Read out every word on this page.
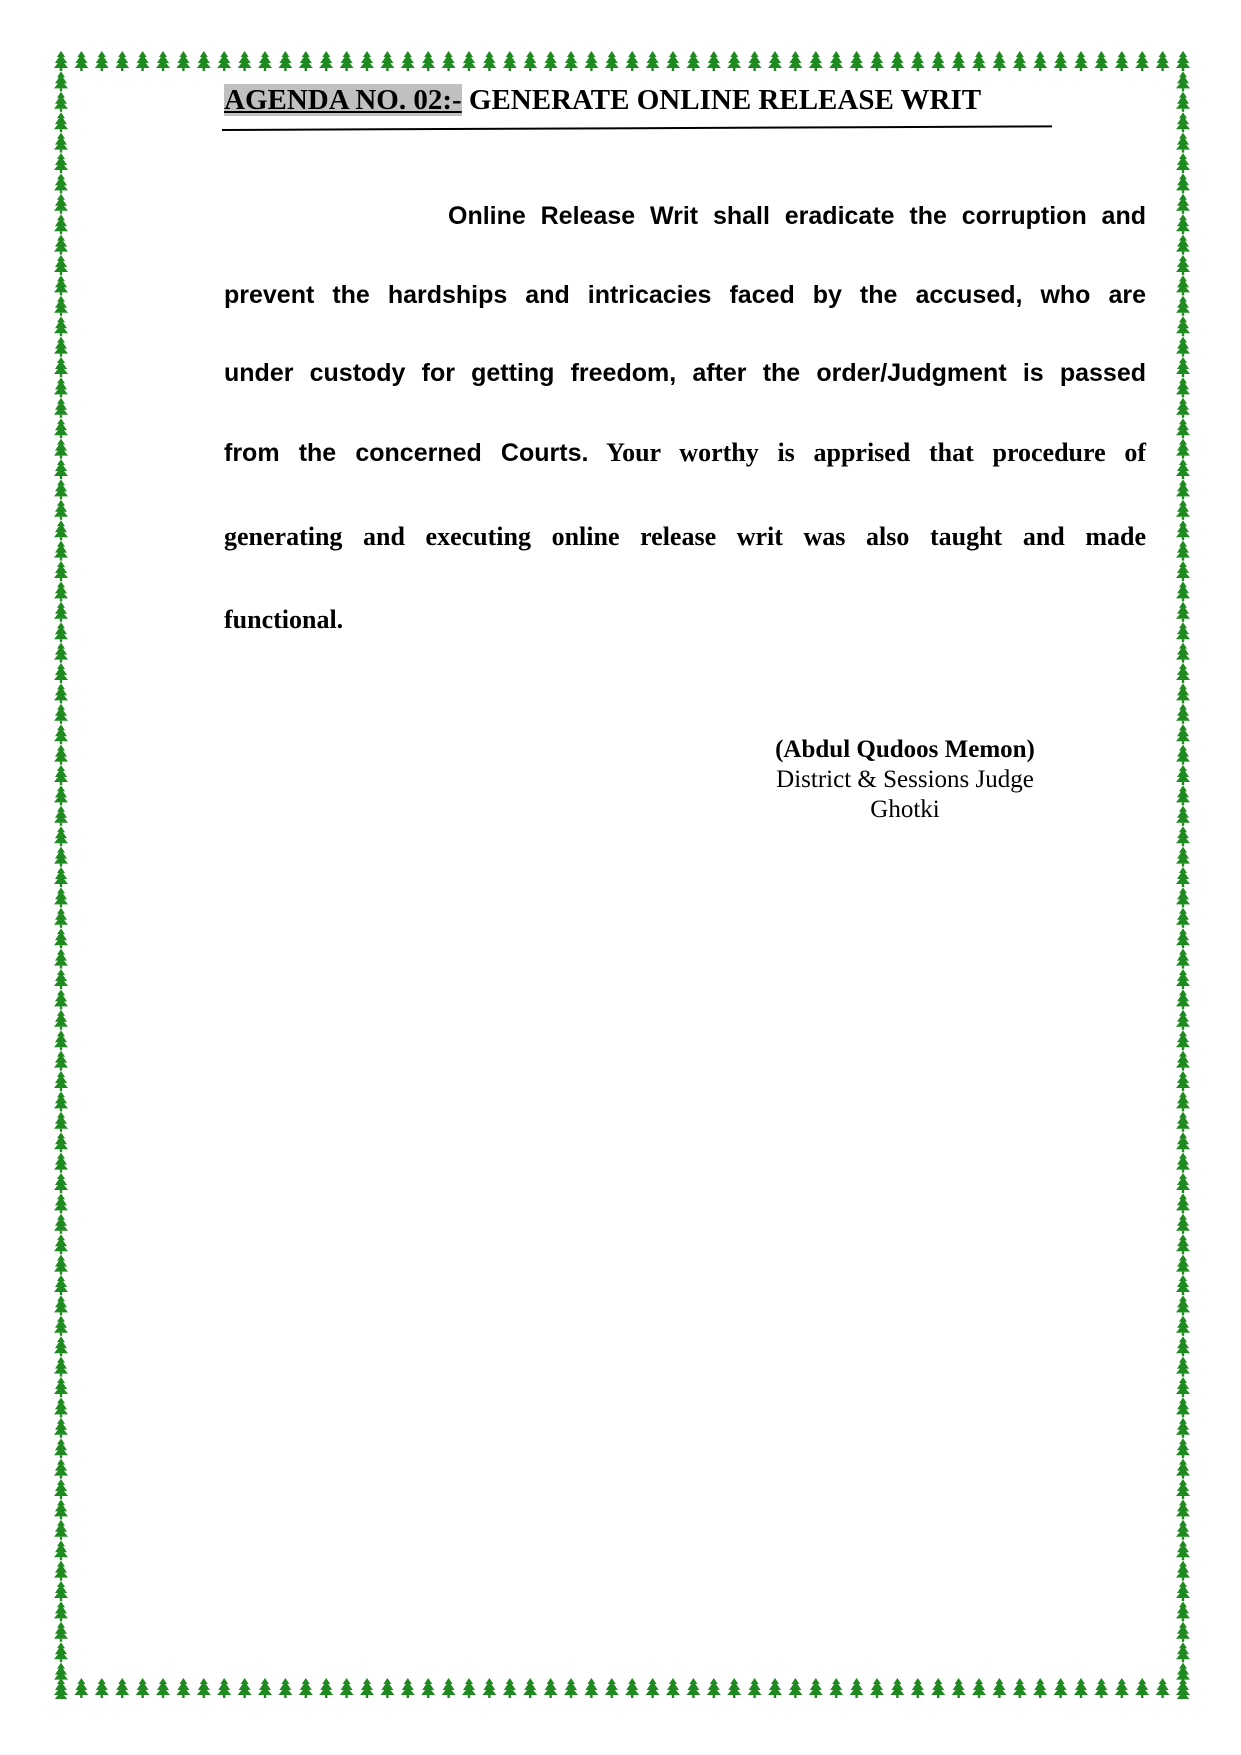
AGENDA NO. 02:- GENERATE ONLINE RELEASE WRIT
Online Release Writ shall eradicate the corruption and
prevent the hardships and intricacies faced by the accused, who are
under custody for getting freedom, after the order/Judgment is passed
from the concerned Courts. Your worthy is apprised that procedure of
generating and executing online release writ was also taught and made
functional.
(Abdul Qudoos Memon)
District & Sessions Judge
Ghotki
